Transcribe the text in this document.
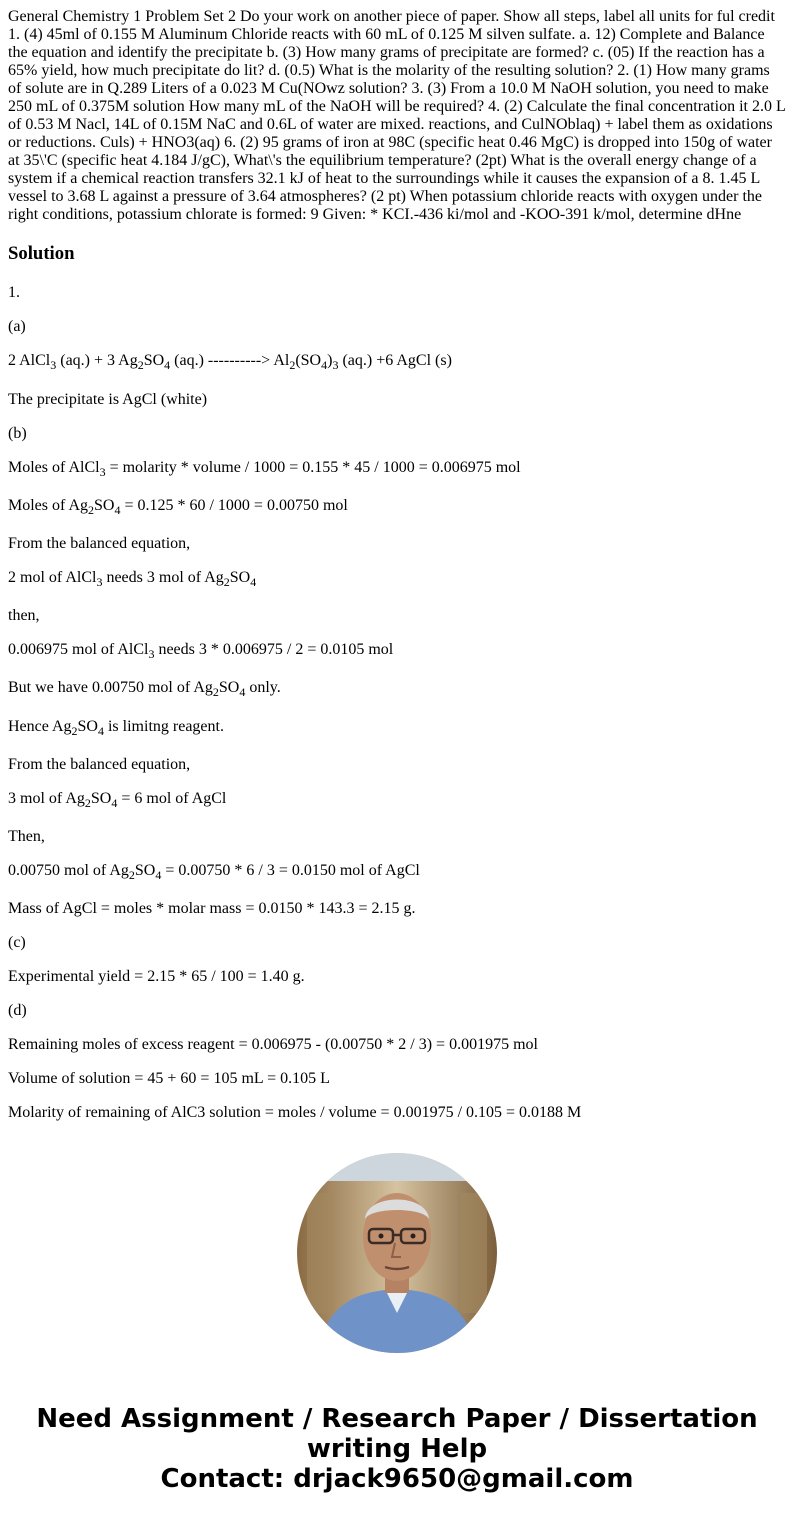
General Chemistry 1 Problem Set 2 Do your work on another piece of paper. Show all steps, label all units for ful credit 1. (4) 45ml of 0.155 M Aluminum Chloride reacts with 60 mL of 0.125 M silven sulfate. a. 12) Complete and Balance the equation and identify the precipitate b. (3) How many grams of precipitate are formed? c. (05) If the reaction has a 65% yield, how much precipitate do lit? d. (0.5) What is the molarity of the resulting solution? 2. (1) How many grams of solute are in Q.289 Liters of a 0.023 M Cu(NOwz solution? 3. (3) From a 10.0 M NaOH solution, you need to make 250 mL of 0.375M solution How many mL of the NaOH will be required? 4. (2) Calculate the final concentration it 2.0 L of 0.53 M Nacl, 14L of 0.15M NaC and 0.6L of water are mixed. reactions, and CulNOblaq) + label them as oxidations or reductions. Culs) + HNO3(aq) 6. (2) 95 grams of iron at 98C (specific heat 0.46 MgC) is dropped into 150g of water at 35\'C (specific heat 4.184 J/gC), What\'s the equilibrium temperature? (2pt) What is the overall energy change of a system if a chemical reaction transfers 32.1 kJ of heat to the surroundings while it causes the expansion of a 8. 1.45 L vessel to 3.68 L against a pressure of 3.64 atmospheres? (2 pt) When potassium chloride reacts with oxygen under the right conditions, potassium chlorate is formed: 9 Given: * KCI.-436 ki/mol and -KOO-391 k/mol, determine dHne

Solution

1.

(a)

2 AlCl$_3$ (aq.) + 3 $Ag_2SO_4$ (aq.) ----------> $Al_2(SO_4)_3$ (aq.) +6 AgCl (s)

The precipitate is AgCl (white)

(b)

Moles of AlCl$_3$ = molarity * volume / 1000 = 0.155 * 45 / 1000 = 0.006975 mol

Moles of $Ag_2SO_4 = 0.125 * 60 / 1000 = 0.00750$ mol

From the balanced equation,

2 mol of AlCl$_3$ needs 3 mol of $Ag_2SO_4$

then,

0.006975 mol of AlCl$_3$ needs 3 * 0.006975 / 2 = 0.0105 mol

But we have 0.00750 mol of $Ag_2SO_4$ only.

Hence $Ag_2SO_4$ is limitng reagent.

From the balanced equation,

3 mol of $Ag_2SO_4 = 6$ mol of AgCl

Then,

0.00750 mol of $Ag_2SO_4 = 0.00750 * 6 / 3 = 0.0150$ mol of AgCl

Mass of AgCl = moles * molar mass = 0.0150 * 143.3 = 2.15 g.

(c)

Experimental yield = 2.15 * 65 / 100 = 1.40 g.

(d)

Remaining moles of excess reagent = 0.006975 - (0.00750 * 2 / 3) = 0.001975 mol

Volume of solution = 45 + 60 = 105 mL = 0.105 L

Molarity of remaining of AlC3 solution = moles / volume = 0.001975 / 0.105 = 0.0188 M

Need Assignment / Research Paper / Dissertation
writing Help
Contact: drjack9650@gmail.com
